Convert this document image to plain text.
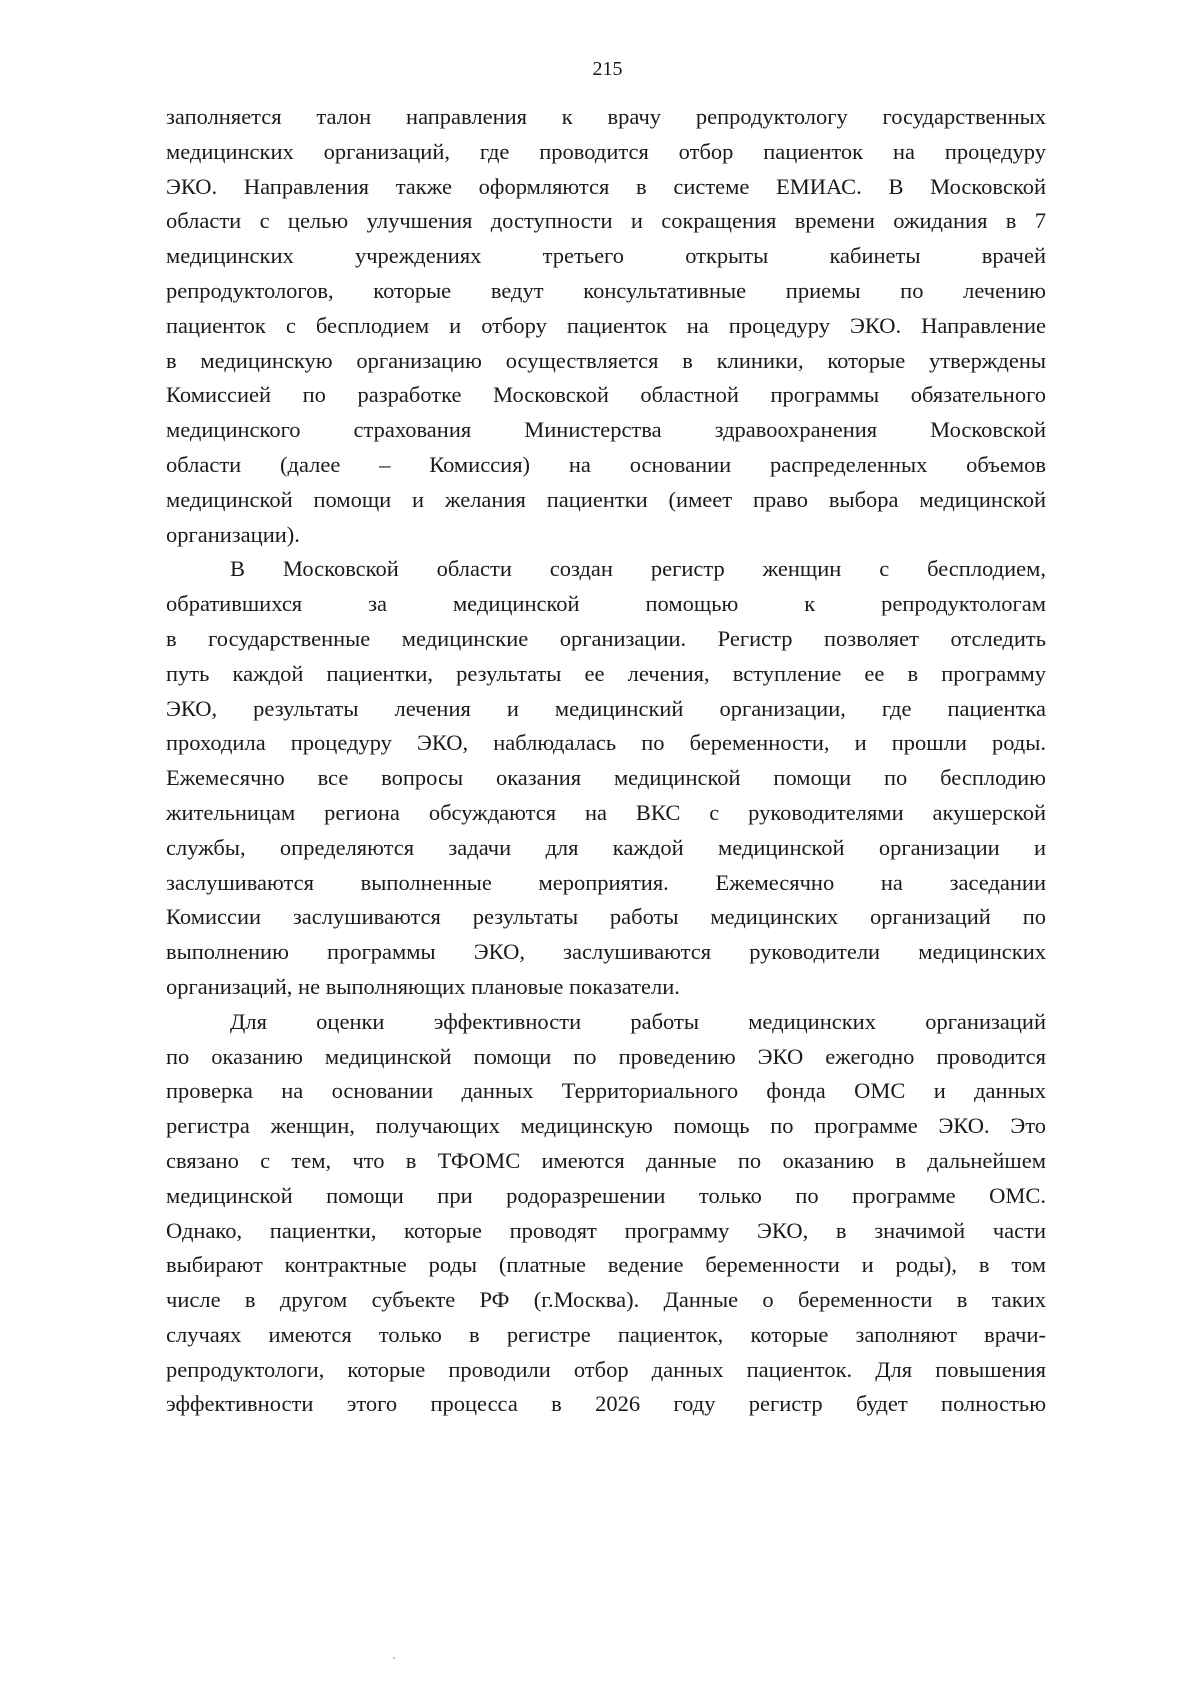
215
заполняется талон направления к врачу репродуктологу государственных
медицинских организаций, где проводится отбор пациенток на процедуру
ЭКО. Направления также оформляются в системе ЕМИАС. В Московской
области с целью улучшения доступности и сокращения времени ожидания в 7
медицинских учреждениях третьего открыты кабинеты врачей
репродуктологов, которые ведут консультативные приемы по лечению
пациенток с бесплодием и отбору пациенток на процедуру ЭКО. Направление
в медицинскую организацию осуществляется в клиники, которые утверждены
Комиссией по разработке Московской областной программы обязательного
медицинского страхования Министерства здравоохранения Московской
области (далее – Комиссия) на основании распределенных объемов
медицинской помощи и желания пациентки (имеет право выбора медицинской
организации).
В Московской области создан регистр женщин с бесплодием,
обратившихся за медицинской помощью к репродуктологам
в государственные медицинские организации. Регистр позволяет отследить
путь каждой пациентки, результаты ее лечения, вступление ее в программу
ЭКО, результаты лечения и медицинский организации, где пациентка
проходила процедуру ЭКО, наблюдалась по беременности, и прошли роды.
Ежемесячно все вопросы оказания медицинской помощи по бесплодию
жительницам региона обсуждаются на ВКС с руководителями акушерской
службы, определяются задачи для каждой медицинской организации и
заслушиваются выполненные мероприятия. Ежемесячно на заседании
Комиссии заслушиваются результаты работы медицинских организаций по
выполнению программы ЭКО, заслушиваются руководители медицинских
организаций, не выполняющих плановые показатели.
Для оценки эффективности работы медицинских организаций
по оказанию медицинской помощи по проведению ЭКО ежегодно проводится
проверка на основании данных Территориального фонда ОМС и данных
регистра женщин, получающих медицинскую помощь по программе ЭКО. Это
связано с тем, что в ТФОМС имеются данные по оказанию в дальнейшем
медицинской помощи при родоразрешении только по программе ОМС.
Однако, пациентки, которые проводят программу ЭКО, в значимой части
выбирают контрактные роды (платные ведение беременности и роды), в том
числе в другом субъекте РФ (г.Москва). Данные о беременности в таких
случаях имеются только в регистре пациенток, которые заполняют врачи-
репродуктологи, которые проводили отбор данных пациенток. Для повышения
эффективности этого процесса в 2026 году регистр будет полностью
